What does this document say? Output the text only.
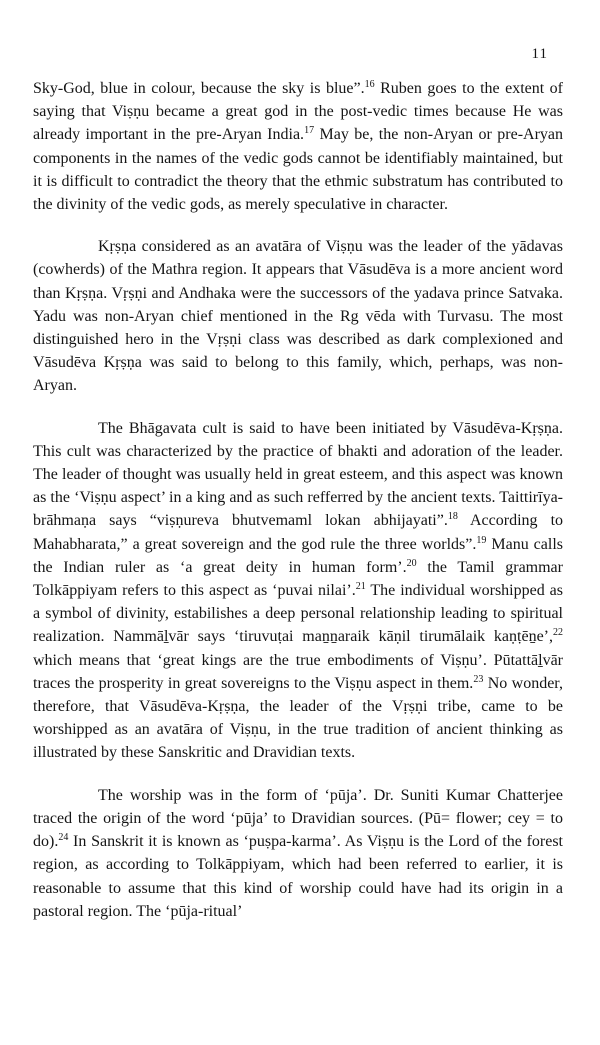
11

Sky-God, blue in colour, because the sky is blue”.$^{16}$ Ruben goes to the extent of saying that Viṣṇu became a great god in the post-vedic times because He was already important in the pre-Aryan India.$^{17}$ May be, the non-Aryan or pre-Aryan components in the names of the vedic gods cannot be identifiably maintained, but it is difficult to contradict the theory that the ethmic substratum has contributed to the divinity of the vedic gods, as merely speculative in character.

Kṛṣṇa considered as an avatāra of Viṣṇu was the leader of the yādavas (cowherds) of the Mathra region. It appears that Vāsudēva is a more ancient word than Kṛṣṇa. Vṛṣṇi and Andhaka were the successors of the yadava prince Satvaka. Yadu was non-Aryan chief mentioned in the Rg vēda with Turvasu. The most distinguished hero in the Vṛṣṇi class was described as dark complexioned and Vāsudēva Kṛṣṇa was said to belong to this family, which, perhaps, was non-Aryan.

The Bhāgavata cult is said to have been initiated by Vāsudēva-Kṛṣṇa. This cult was characterized by the practice of bhakti and adoration of the leader. The leader of thought was usually held in great esteem, and this aspect was known as the ‘Viṣṇu aspect’ in a king and as such refferred by the ancient texts. Taittirīya-brāhmaṇa says “viṣṇureva bhutvemaml lokan abhijayati”.$^{18}$ According to Mahabharata,” a great sovereign and the god rule the three worlds”.$^{19}$ Manu calls the Indian ruler as ‘a great deity in human form’.$^{20}$ the Tamil grammar Tolkāppiyam refers to this aspect as ‘puvai nilai’.$^{21}$ The individual worshipped as a symbol of divinity, estabilishes a deep personal relationship leading to spiritual realization. Nammāḻvār says ‘tiruvuṭai maṉṉaraik kāṇil tirumālaik kaṇṭēṉe’,$^{22}$ which means that ‘great kings are the true embodiments of Viṣṇu’. Pūtattāḻvār traces the prosperity in great sovereigns to the Viṣṇu aspect in them.$^{23}$ No wonder, therefore, that Vāsudēva-Kṛṣṇa, the leader of the Vṛṣṇi tribe, came to be worshipped as an avatāra of Viṣṇu, in the true tradition of ancient thinking as illustrated by these Sanskritic and Dravidian texts.

The worship was in the form of ‘pūja’. Dr. Suniti Kumar Chatterjee traced the origin of the word ‘pūja’ to Dravidian sources. (Pū= flower; cey = to do).$^{24}$ In Sanskrit it is known as ‘puṣpa-karma’. As Viṣṇu is the Lord of the forest region, as according to Tolkāppiyam, which had been referred to earlier, it is reasonable to assume that this kind of worship could have had its origin in a pastoral region. The ‘pūja-ritual’
